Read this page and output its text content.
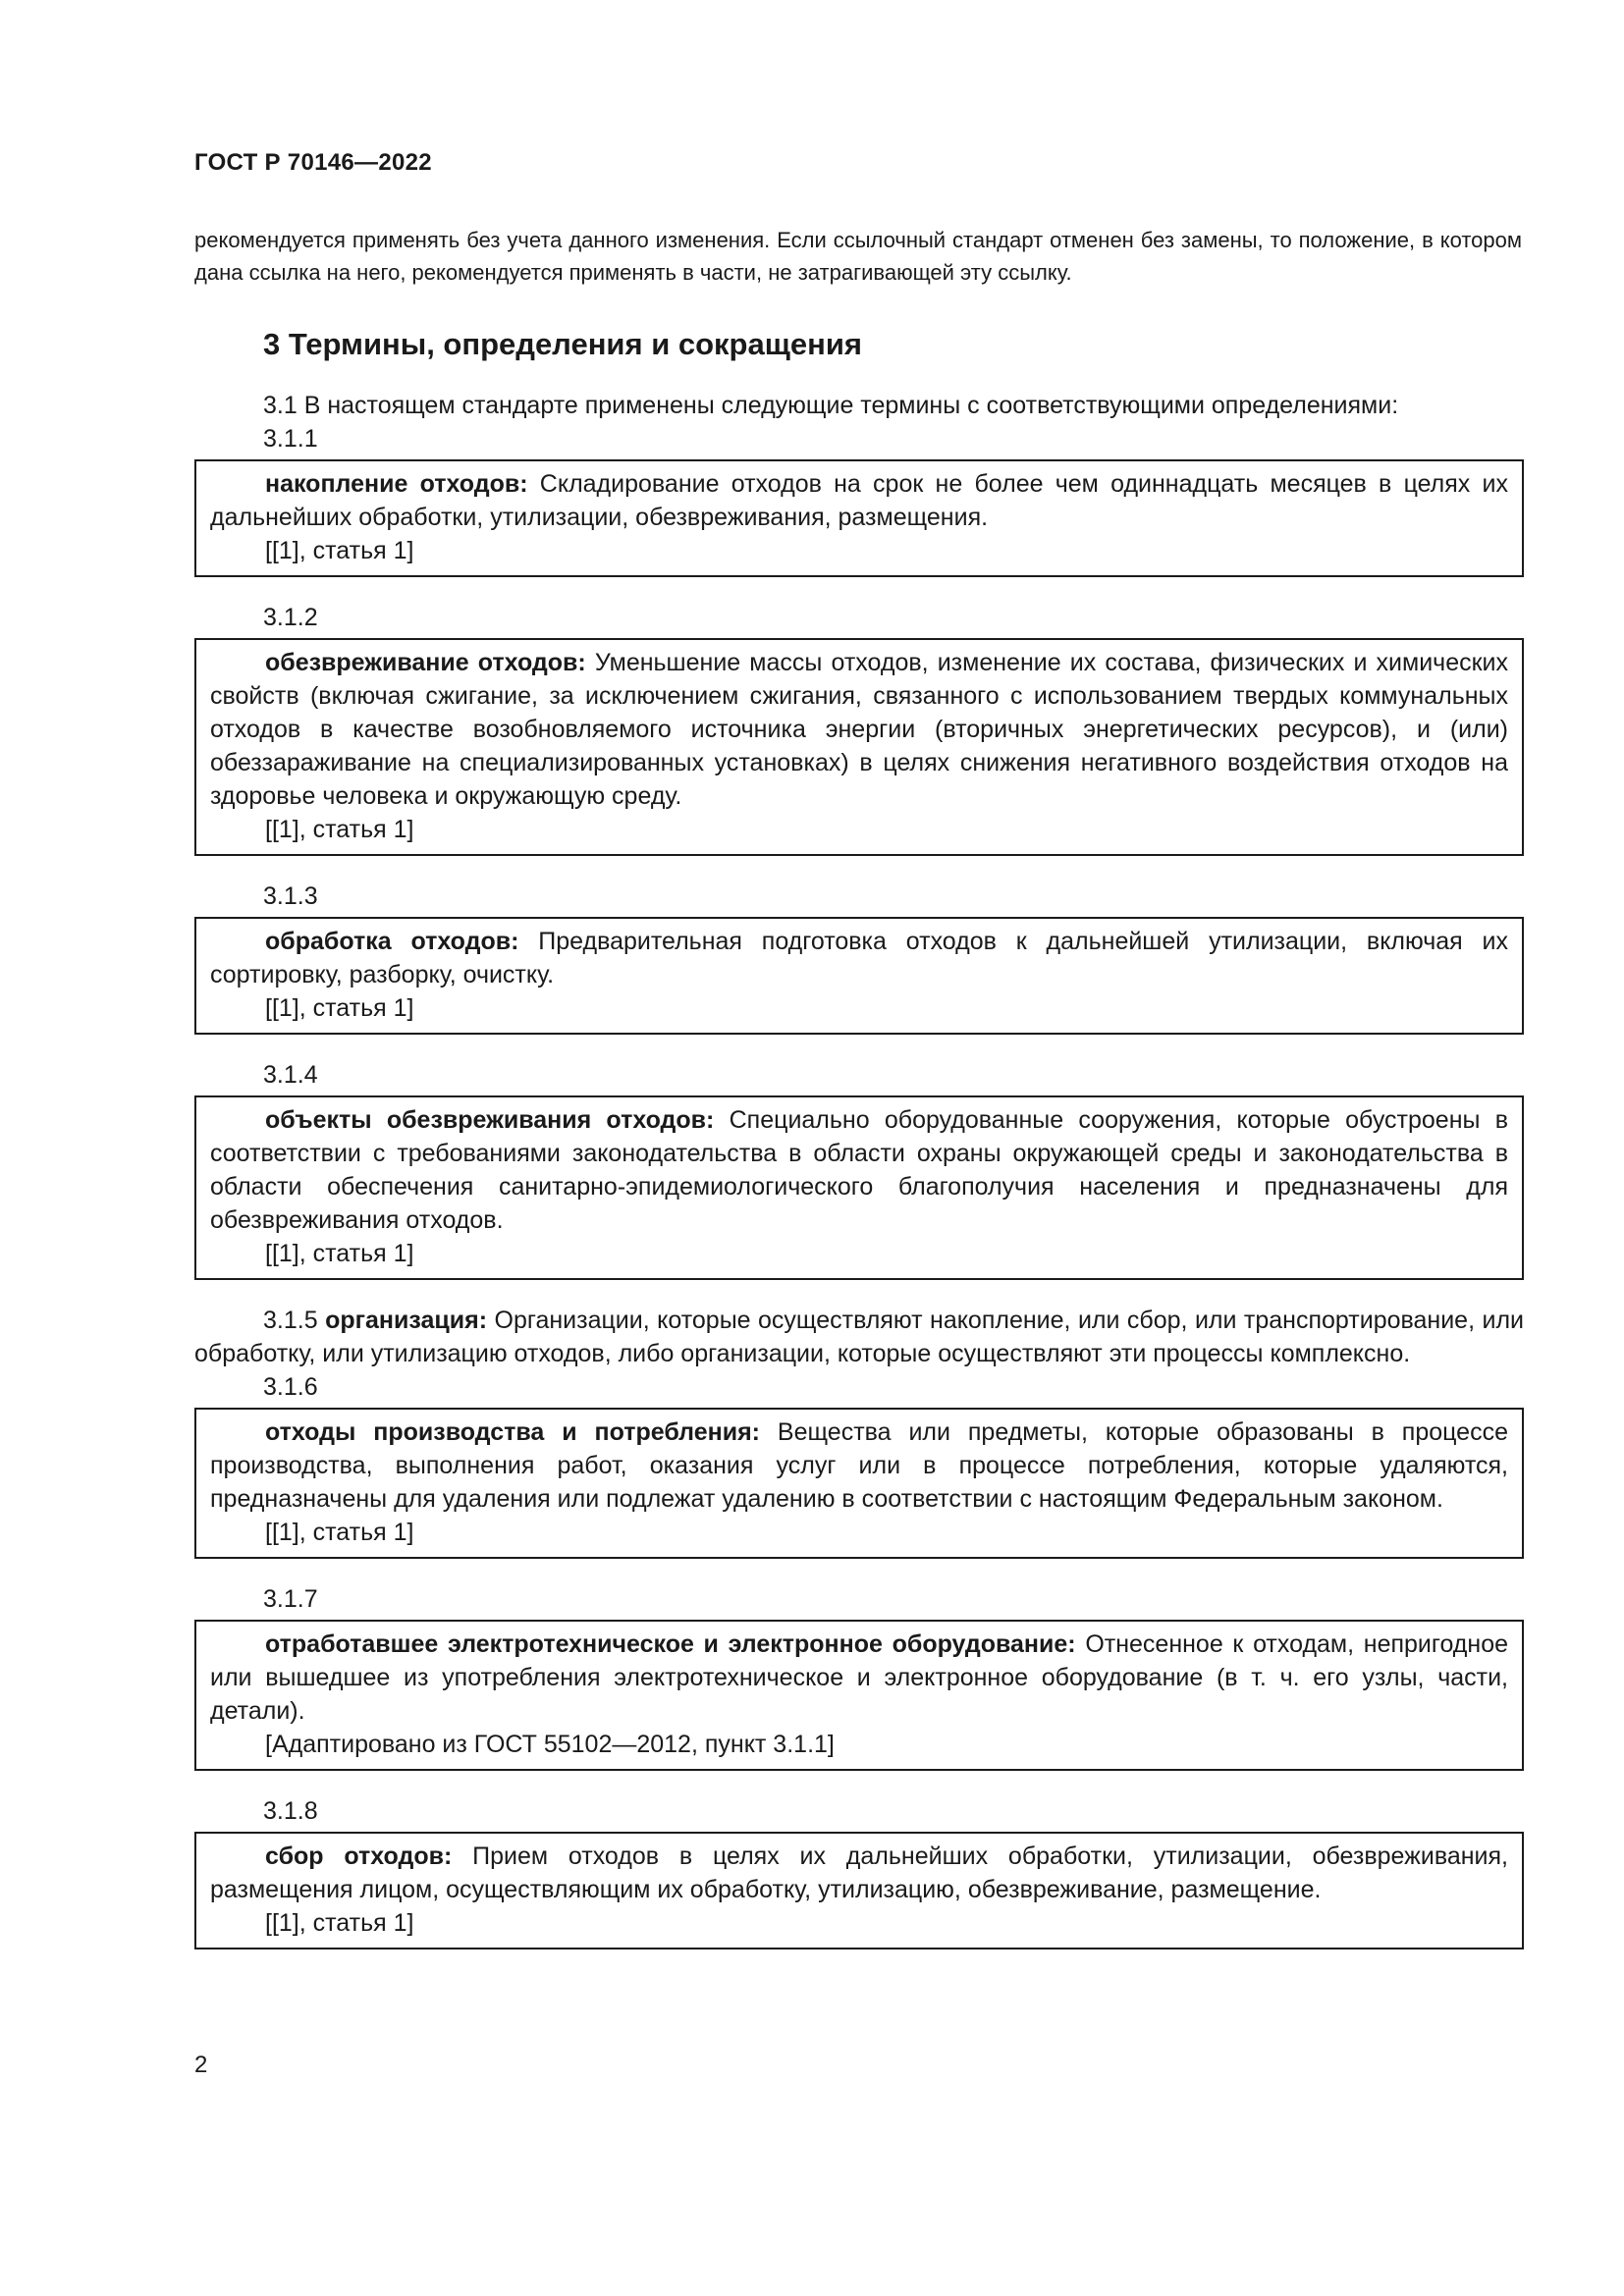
ГОСТ Р 70146—2022
рекомендуется применять без учета данного изменения. Если ссылочный стандарт отменен без замены, то положение, в котором дана ссылка на него, рекомендуется применять в части, не затрагивающей эту ссылку.
3 Термины, определения и сокращения
3.1 В настоящем стандарте применены следующие термины с соответствующими определениями:
3.1.1
накопление отходов: Складирование отходов на срок не более чем одиннадцать месяцев в целях их дальнейших обработки, утилизации, обезвреживания, размещения.
[[1], статья 1]
3.1.2
обезвреживание отходов: Уменьшение массы отходов, изменение их состава, физических и химических свойств (включая сжигание, за исключением сжигания, связанного с использованием твердых коммунальных отходов в качестве возобновляемого источника энергии (вторичных энергетических ресурсов), и (или) обеззараживание на специализированных установках) в целях снижения негативного воздействия отходов на здоровье человека и окружающую среду.
[[1], статья 1]
3.1.3
обработка отходов: Предварительная подготовка отходов к дальнейшей утилизации, включая их сортировку, разборку, очистку.
[[1], статья 1]
3.1.4
объекты обезвреживания отходов: Специально оборудованные сооружения, которые обустроены в соответствии с требованиями законодательства в области охраны окружающей среды и законодательства в области обеспечения санитарно-эпидемиологического благополучия населения и предназначены для обезвреживания отходов.
[[1], статья 1]
3.1.5 организация: Организации, которые осуществляют накопление, или сбор, или транспортирование, или обработку, или утилизацию отходов, либо организации, которые осуществляют эти процессы комплексно.
3.1.6
отходы производства и потребления: Вещества или предметы, которые образованы в процессе производства, выполнения работ, оказания услуг или в процессе потребления, которые удаляются, предназначены для удаления или подлежат удалению в соответствии с настоящим Федеральным законом.
[[1], статья 1]
3.1.7
отработавшее электротехническое и электронное оборудование: Отнесенное к отходам, непригодное или вышедшее из употребления электротехническое и электронное оборудование (в т. ч. его узлы, части, детали).
[Адаптировано из ГОСТ 55102—2012, пункт 3.1.1]
3.1.8
сбор отходов: Прием отходов в целях их дальнейших обработки, утилизации, обезвреживания, размещения лицом, осуществляющим их обработку, утилизацию, обезвреживание, размещение.
[[1], статья 1]
2
